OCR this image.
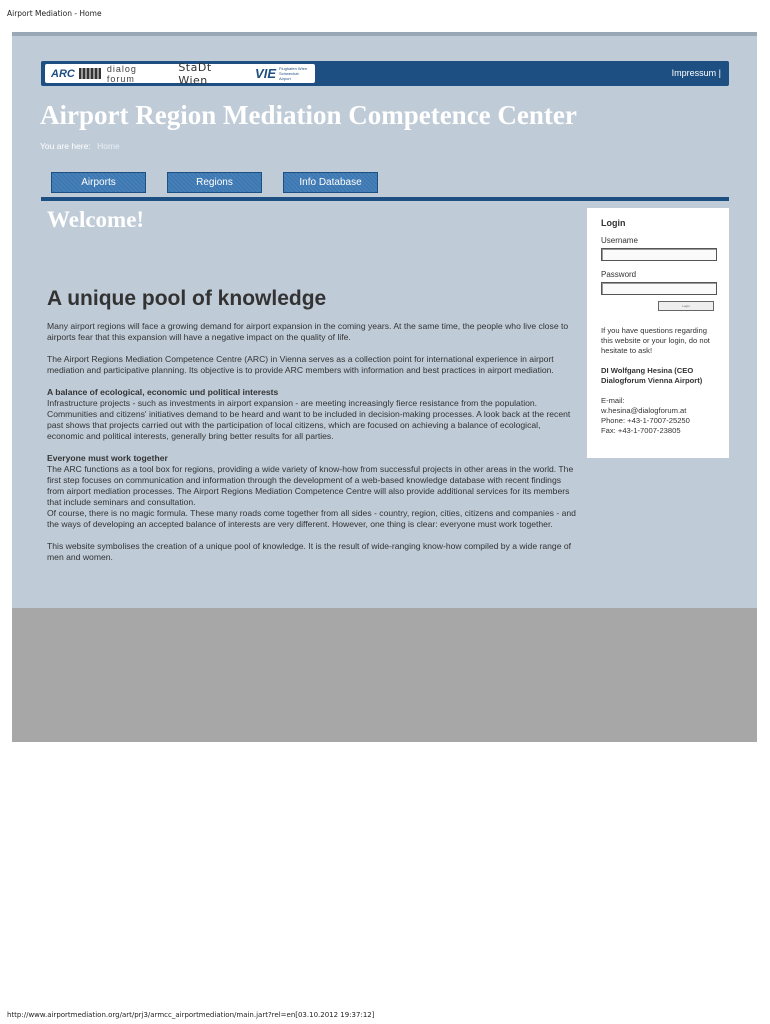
Airport Mediation - Home
ARC	dialog forum
StaDt Wien	VIE Flughafen Wien Schwechat Airport
Impressum |
Airport Region Mediation Competence Center
You are here: Home
Airports	Regions	Info Database
Welcome!
A unique pool of knowledge

Many airport regions will face a growing demand for airport expansion in the coming years. At the same time, the people who live close to airports fear that this expansion will have a negative impact on the quality of life.

The Airport Regions Mediation Competence Centre (ARC) in Vienna serves as a collection point for international experience in airport mediation and participative planning. Its objective is to provide ARC members with information and best practices in airport mediation.

A balance of ecological, economic und political interests
Infrastructure projects - such as investments in airport expansion - are meeting increasingly fierce resistance from the population. Communities and citizens' initiatives demand to be heard and want to be included in decision-making processes. A look back at the recent past shows that projects carried out with the participation of local citizens, which are focused on achieving a balance of ecological, economic and political interests, generally bring better results for all parties.

Everyone must work together
The ARC functions as a tool box for regions, providing a wide variety of know-how from successful projects in other areas in the world. The first step focuses on communication and information through the development of a web-based knowledge database with recent findings from airport mediation processes. The Airport Regions Mediation Competence Centre will also provide additional services for its members that include seminars and consultation.
Of course, there is no magic formula. These many roads come together from all sides - country, region, cities, citizens and companies - and the ways of developing an accepted balance of interests are very different. However, one thing is clear: everyone must work together.

This website symbolises the creation of a unique pool of knowledge. It is the result of wide-ranging know-how compiled by a wide range of men and women.

Login
Username
Password
Login
If you have questions regarding this website or your login, do not hesitate to ask!
DI Wolfgang Hesina (CEO Dialogforum Vienna Airport)
E-mail:
w.hesina@dialogforum.at
Phone: +43-1-7007-25250
Fax: +43-1-7007-23805
http://www.airportmediation.org/art/prj3/armcc_airportmediation/main.jart?rel=en[03.10.2012 19:37:12]
